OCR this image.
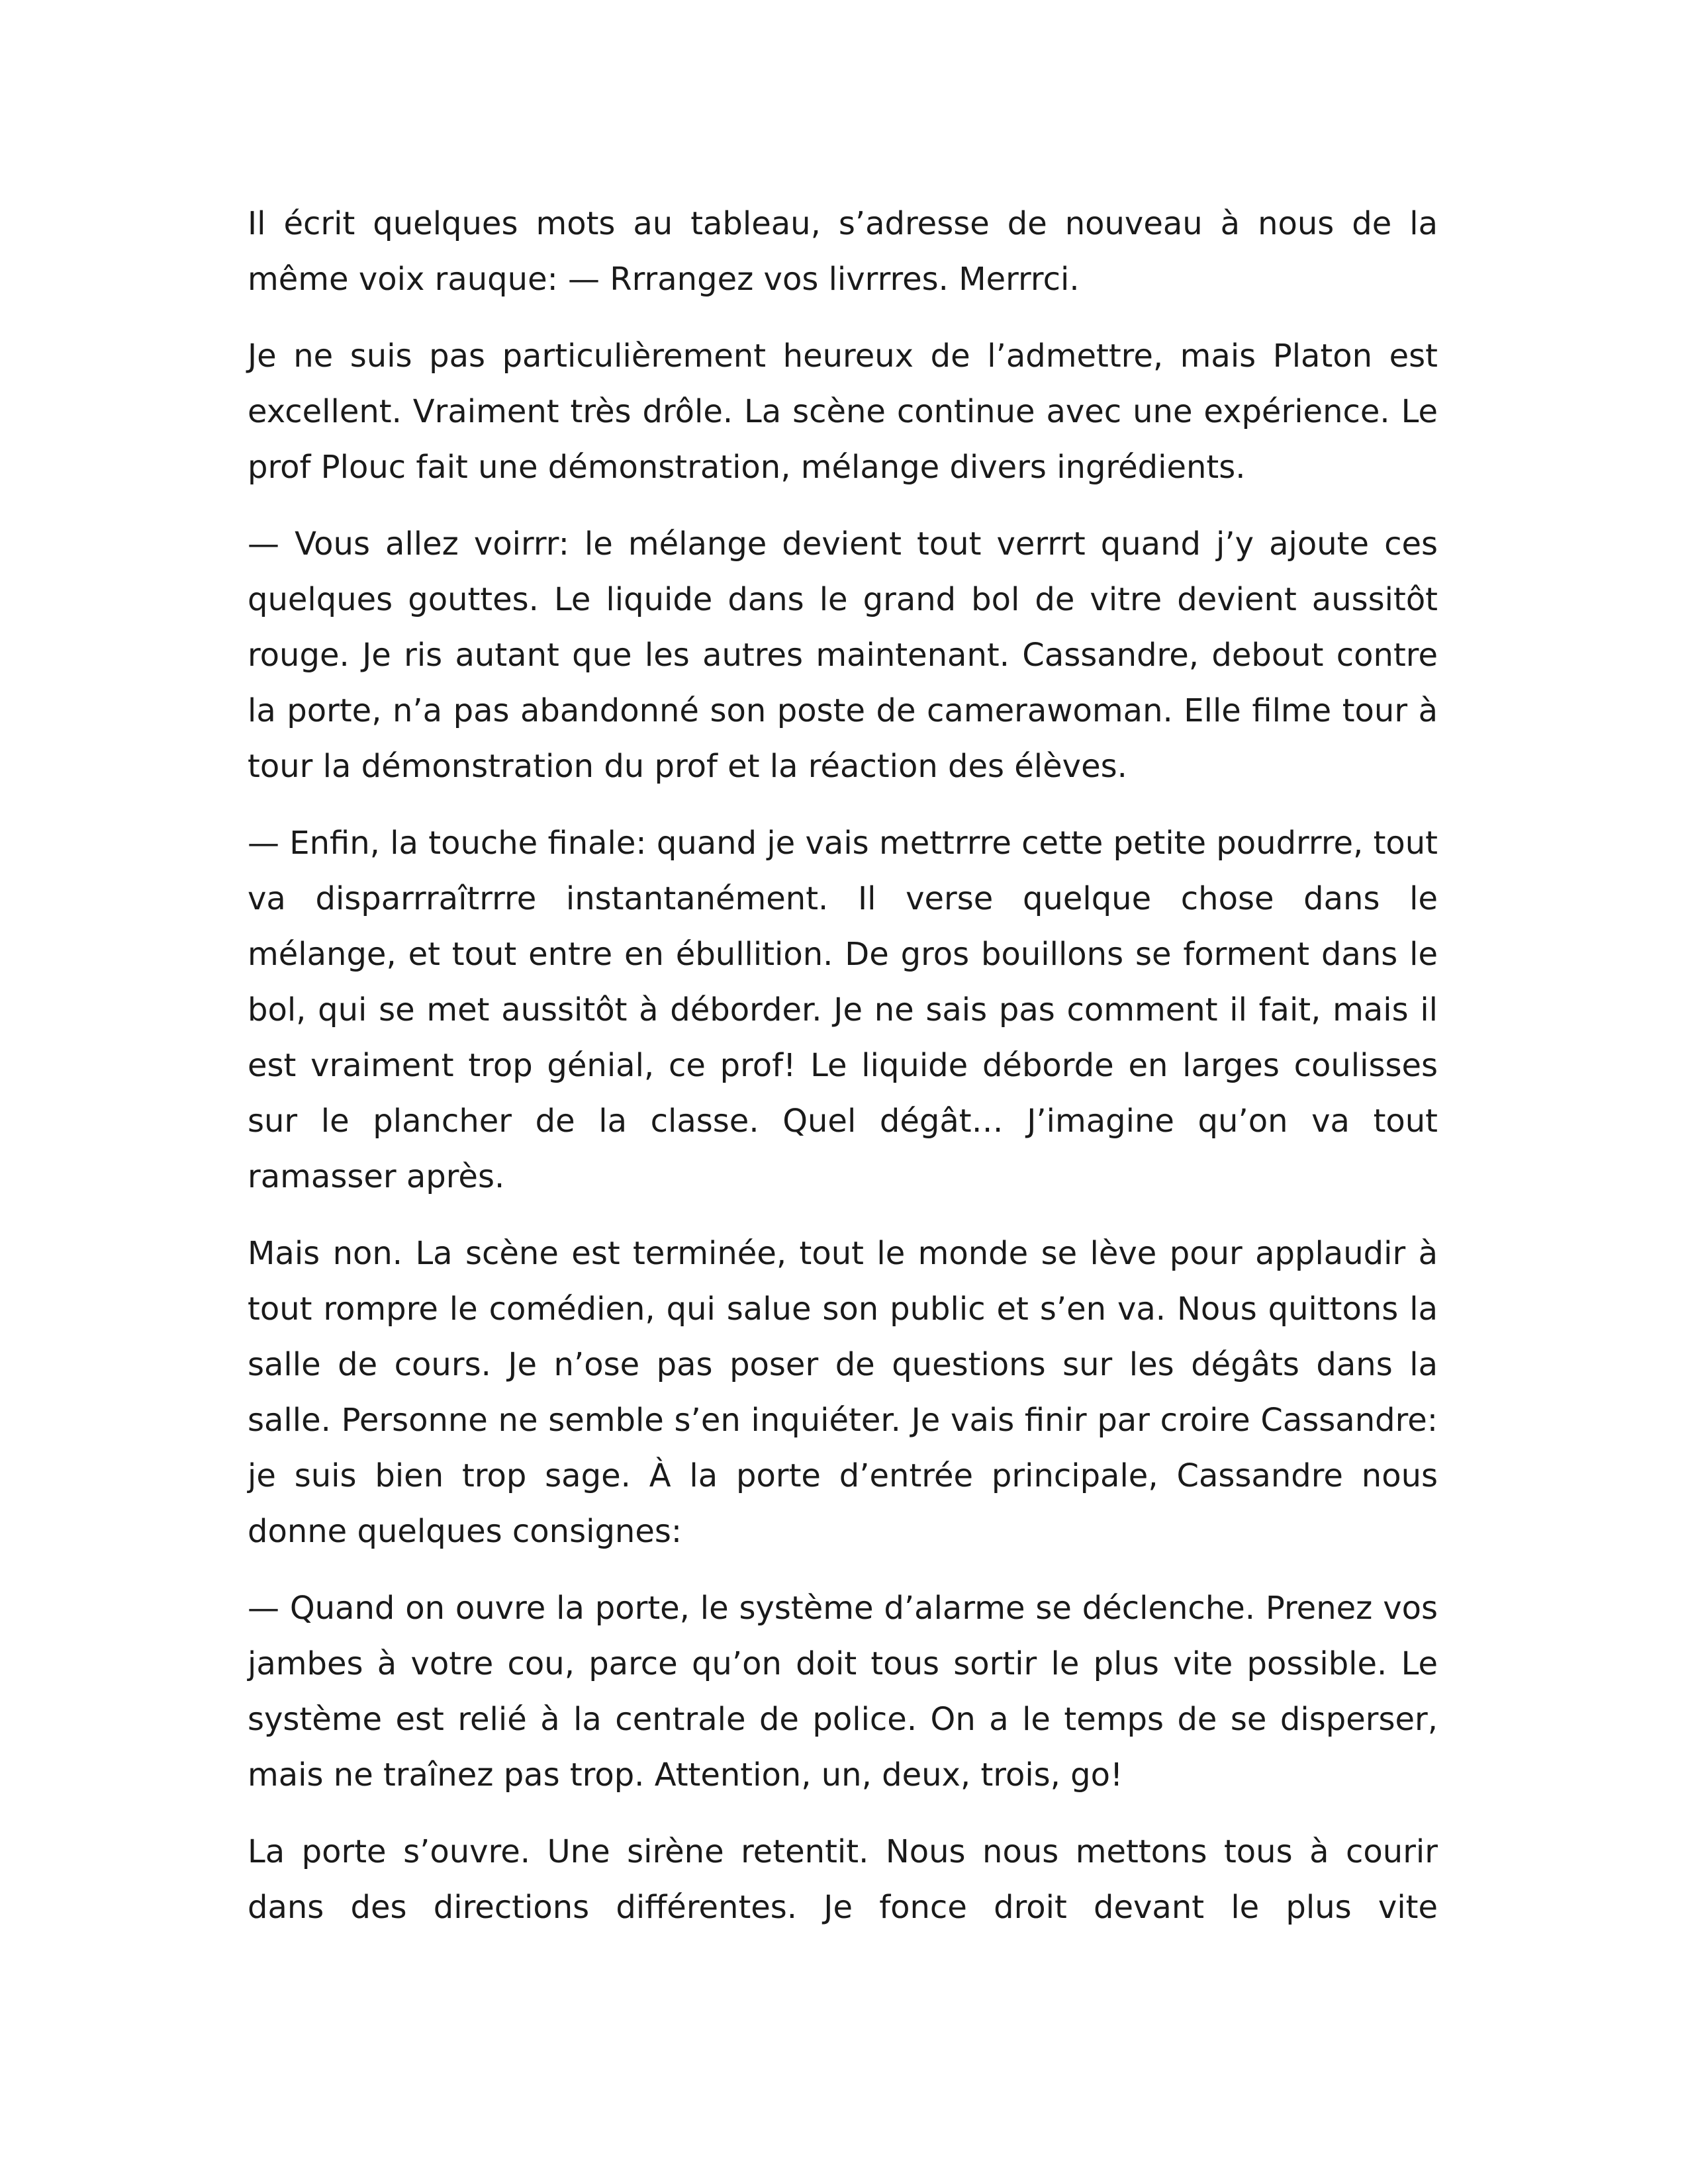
Il écrit quelques mots au tableau, s’adresse de nouveau à nous de la même voix rauque: — Rrrangez vos livrrres. Merrrci.

Je ne suis pas particulièrement heureux de l’admettre, mais Platon est excellent. Vraiment très drôle. La scène continue avec une expérience. Le prof Plouc fait une démonstration, mélange divers ingrédients.

— Vous allez voirrr: le mélange devient tout verrrt quand j’y ajoute ces quelques gouttes. Le liquide dans le grand bol de vitre devient aussitôt rouge. Je ris autant que les autres maintenant. Cassandre, debout contre la porte, n’a pas abandonné son poste de camerawoman. Elle filme tour à tour la démonstration du prof et la réaction des élèves.

— Enfin, la touche finale: quand je vais mettrrre cette petite poudrrre, tout va disparrraîtrrre instantanément. Il verse quelque chose dans le mélange, et tout entre en ébullition. De gros bouillons se forment dans le bol, qui se met aussitôt à déborder. Je ne sais pas comment il fait, mais il est vraiment trop génial, ce prof! Le liquide déborde en larges coulisses sur le plancher de la classe. Quel dégât… J’imagine qu’on va tout ramasser après.

Mais non. La scène est terminée, tout le monde se lève pour applaudir à tout rompre le comédien, qui salue son public et s’en va. Nous quittons la salle de cours. Je n’ose pas poser de questions sur les dégâts dans la salle. Personne ne semble s’en inquiéter. Je vais finir par croire Cassandre: je suis bien trop sage. À la porte d’entrée principale, Cassandre nous donne quelques consignes:

— Quand on ouvre la porte, le système d’alarme se déclenche. Prenez vos jambes à votre cou, parce qu’on doit tous sortir le plus vite possible. Le système est relié à la centrale de police. On a le temps de se disperser, mais ne traînez pas trop. Attention, un, deux, trois, go!

La porte s’ouvre. Une sirène retentit. Nous nous mettons tous à courir dans des directions différentes. Je fonce droit devant le plus vite
